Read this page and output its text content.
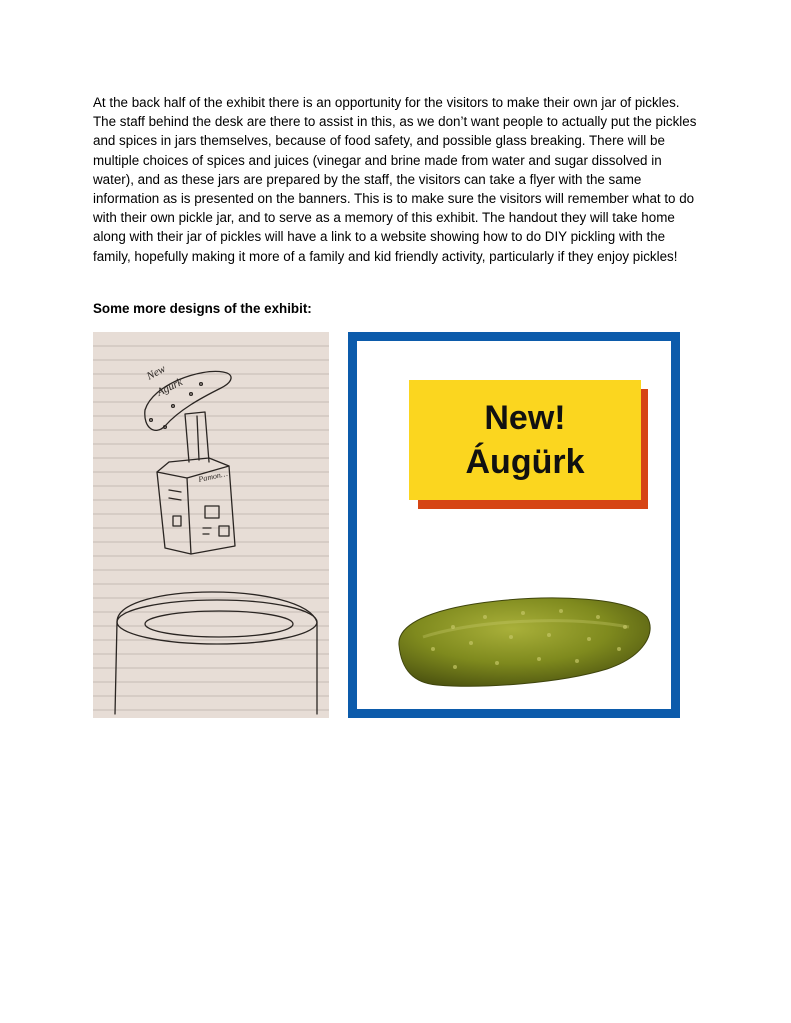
At the back half of the exhibit there is an opportunity for the visitors to make their own jar of pickles. The staff behind the desk are there to assist in this, as we don’t want people to actually put the pickles and spices in jars themselves, because of food safety, and possible glass breaking. There will be multiple choices of spices and juices (vinegar and brine made from water and sugar dissolved in water), and as these jars are prepared by the staff, the visitors can take a flyer with the same information as is presented on the banners. This is to make sure the visitors will remember what to do with their own pickle jar, and to serve as a memory of this exhibit. The handout they will take home along with their jar of pickles will have a link to a website showing how to do DIY pickling with the family, hopefully making it more of a family and kid friendly activity, particularly if they enjoy pickles!

Some more designs of the exhibit:

New
Agurk
Pamon…
New!
Áugürk
